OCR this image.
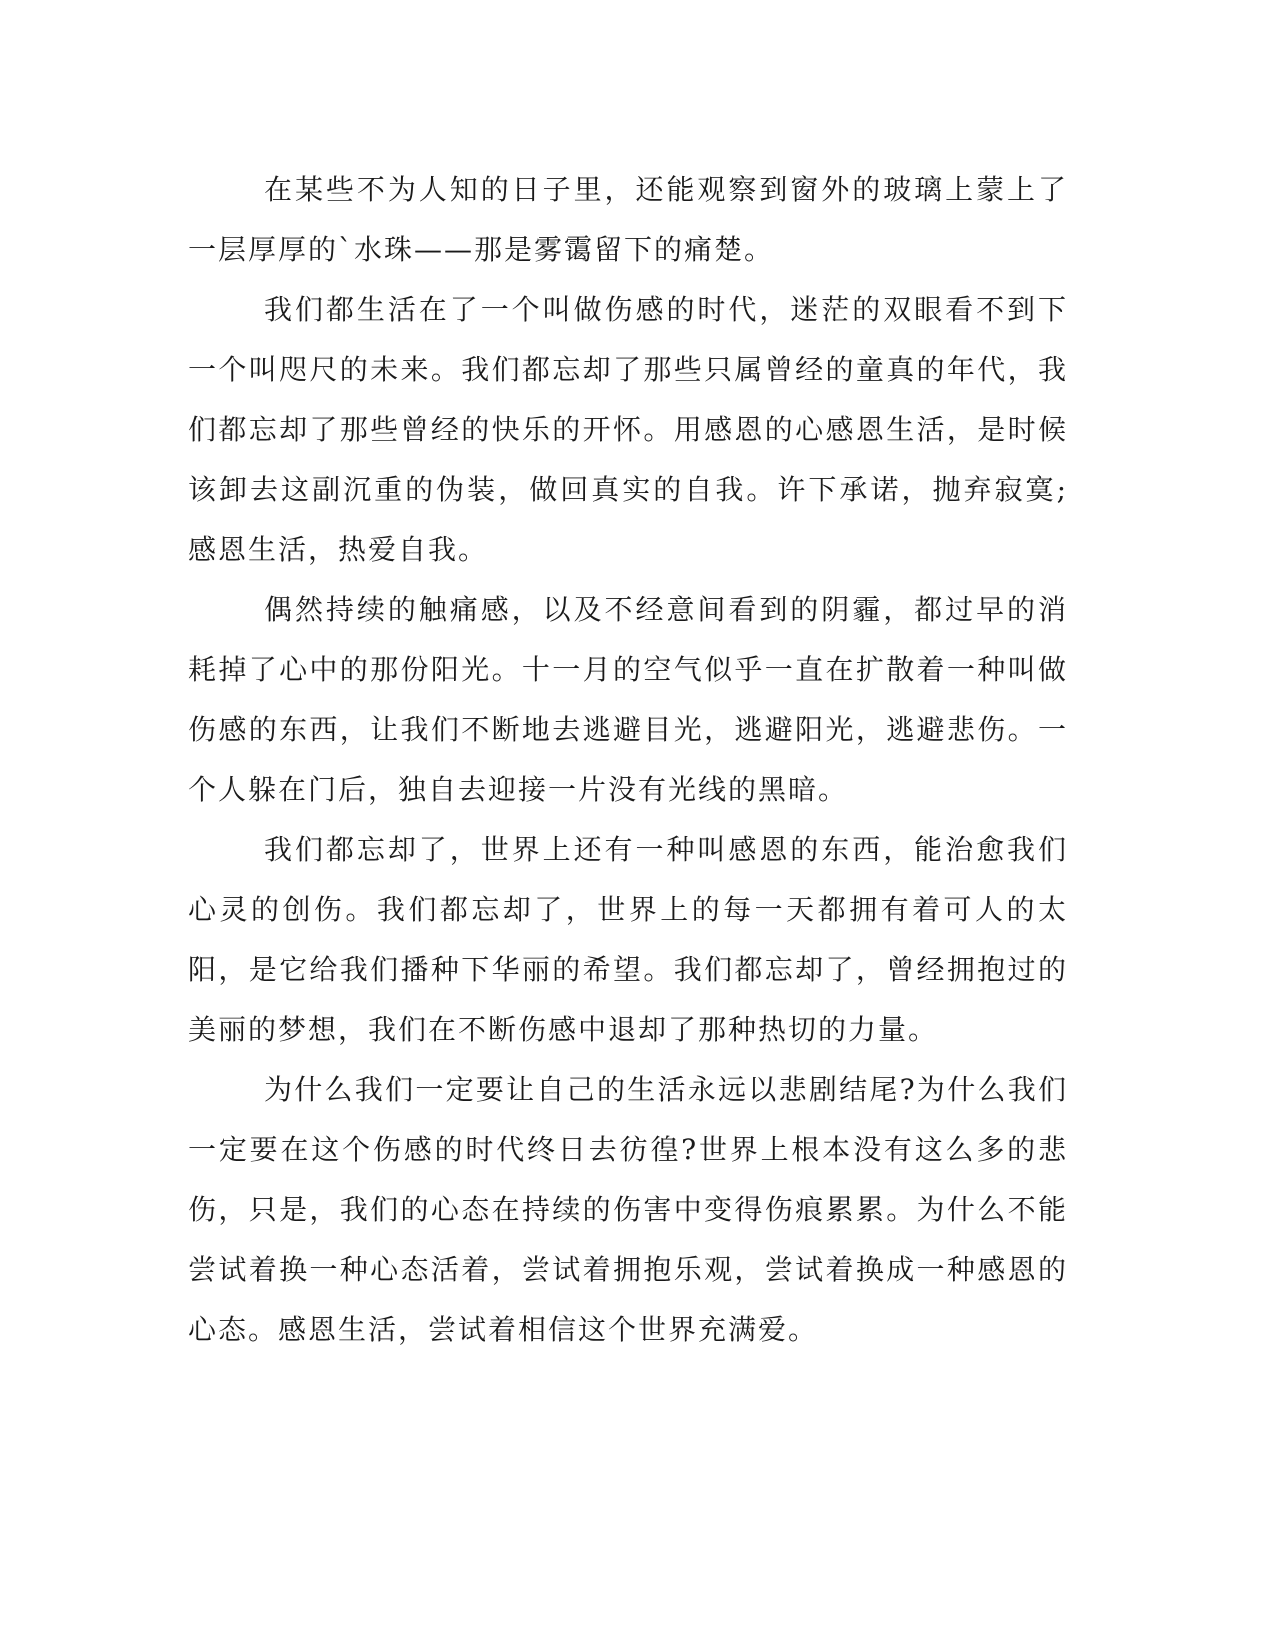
在某些不为人知的日子里，还能观察到窗外的玻璃上蒙上了一层厚厚的`水珠——那是雾霭留下的痛楚。

我们都生活在了一个叫做伤感的时代，迷茫的双眼看不到下一个叫咫尺的未来。我们都忘却了那些只属曾经的童真的年代，我们都忘却了那些曾经的快乐的开怀。用感恩的心感恩生活，是时候该卸去这副沉重的伪装，做回真实的自我。许下承诺，抛弃寂寞;感恩生活，热爱自我。

偶然持续的触痛感，以及不经意间看到的阴霾，都过早的消耗掉了心中的那份阳光。十一月的空气似乎一直在扩散着一种叫做伤感的东西，让我们不断地去逃避目光，逃避阳光，逃避悲伤。一个人躲在门后，独自去迎接一片没有光线的黑暗。

我们都忘却了，世界上还有一种叫感恩的东西，能治愈我们心灵的创伤。我们都忘却了，世界上的每一天都拥有着可人的太阳，是它给我们播种下华丽的希望。我们都忘却了，曾经拥抱过的美丽的梦想，我们在不断伤感中退却了那种热切的力量。

为什么我们一定要让自己的生活永远以悲剧结尾?为什么我们一定要在这个伤感的时代终日去彷徨?世界上根本没有这么多的悲伤，只是，我们的心态在持续的伤害中变得伤痕累累。为什么不能尝试着换一种心态活着，尝试着拥抱乐观，尝试着换成一种感恩的心态。感恩生活，尝试着相信这个世界充满爱。
